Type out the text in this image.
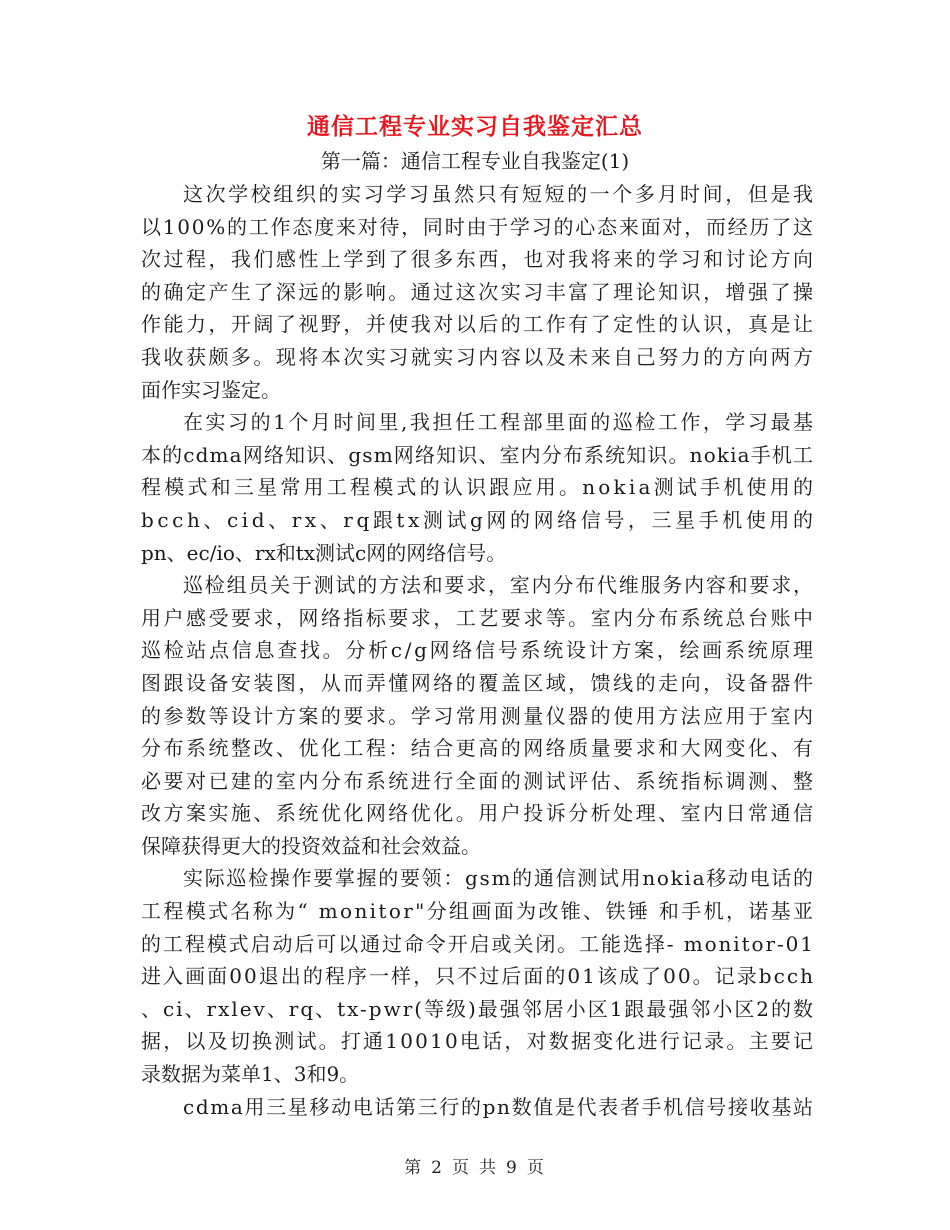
通信工程专业实习自我鉴定汇总
第一篇：通信工程专业自我鉴定(1)
这次学校组织的实习学习虽然只有短短的一个多月时间，但是我
以100%的工作态度来对待，同时由于学习的心态来面对，而经历了这
次过程，我们感性上学到了很多东西，也对我将来的学习和讨论方向
的确定产生了深远的影响。通过这次实习丰富了理论知识，增强了操
作能力，开阔了视野，并使我对以后的工作有了定性的认识，真是让
我收获颇多。现将本次实习就实习内容以及未来自己努力的方向两方
面作实习鉴定。
在实习的1个月时间里,我担任工程部里面的巡检工作，学习最基
本的cdma网络知识、gsm网络知识、室内分布系统知识。nokia手机工
程模式和三星常用工程模式的认识跟应用。nokia测试手机使用的
bcch、cid、rx、rq跟tx测试g网的网络信号，三星手机使用的
pn、ec/io、rx和tx测试c网的网络信号。
巡检组员关于测试的方法和要求，室内分布代维服务内容和要求，
用户感受要求，网络指标要求，工艺要求等。室内分布系统总台账中
巡检站点信息查找。分析c/g网络信号系统设计方案，绘画系统原理
图跟设备安装图，从而弄懂网络的覆盖区域，馈线的走向，设备器件
的参数等设计方案的要求。学习常用测量仪器的使用方法应用于室内
分布系统整改、优化工程：结合更高的网络质量要求和大网变化、有
必要对已建的室内分布系统进行全面的测试评估、系统指标调测、整
改方案实施、系统优化网络优化。用户投诉分析处理、室内日常通信
保障获得更大的投资效益和社会效益。
实际巡检操作要掌握的要领：gsm的通信测试用nokia移动电话的
工程模式名称为“ monitor"分组画面为改锥、铁锤 和手机，诺基亚
的工程模式启动后可以通过命令开启或关闭。工能选择- monitor-01
进入画面00退出的程序一样，只不过后面的01该成了00。记录bcch
、ci、rxlev、rq、tx-pwr(等级)最强邻居小区1跟最强邻小区2的数
据，以及切换测试。打通10010电话，对数据变化进行记录。主要记
录数据为菜单1、3和9。
cdma用三星移动电话第三行的pn数值是代表者手机信号接收基站
第 2 页 共 9 页
